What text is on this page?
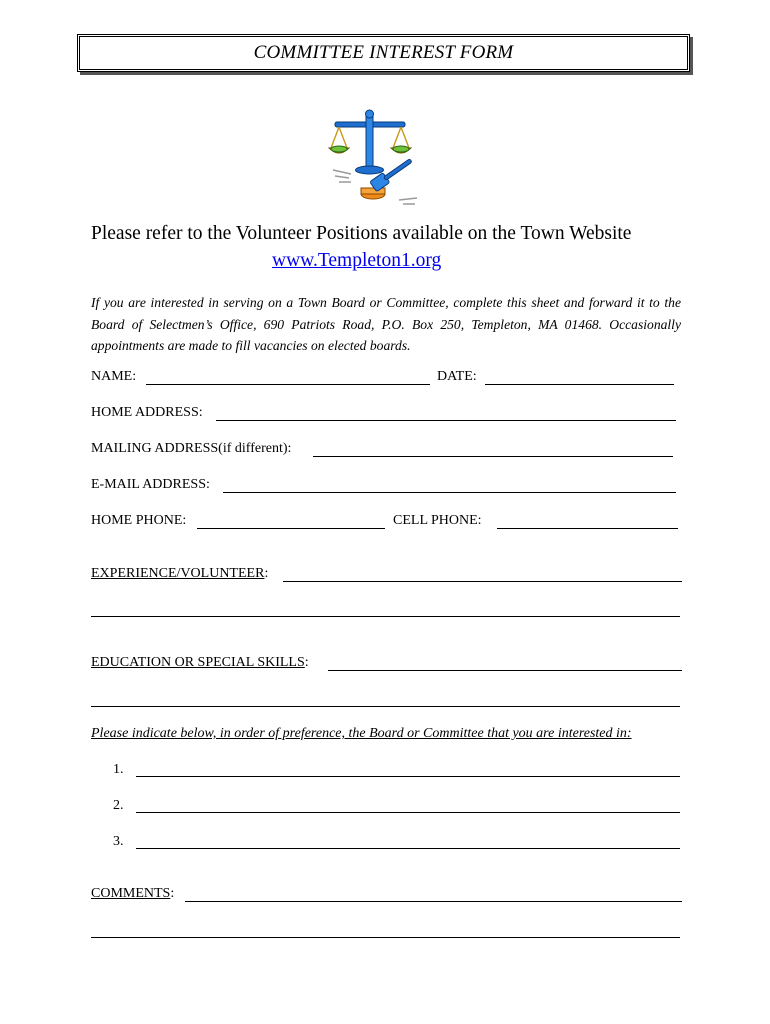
COMMITTEE INTEREST FORM
Please refer to the Volunteer Positions available on the Town Website
www.Templeton1.org
If you are interested in serving on a Town Board or Committee, complete this sheet and forward it to the Board of Selectmen’s Office, 690 Patriots Road, P.O. Box 250, Templeton, MA 01468. Occasionally appointments are made to fill vacancies on elected boards.
NAME:	DATE:
HOME ADDRESS:
MAILING ADDRESS(if different):
E-MAIL ADDRESS:
HOME PHONE:	CELL PHONE:
EXPERIENCE/VOLUNTEER:
EDUCATION OR SPECIAL SKILLS:
Please indicate below, in order of preference, the Board or Committee that you are interested in:
1.
2.
3.
COMMENTS:
